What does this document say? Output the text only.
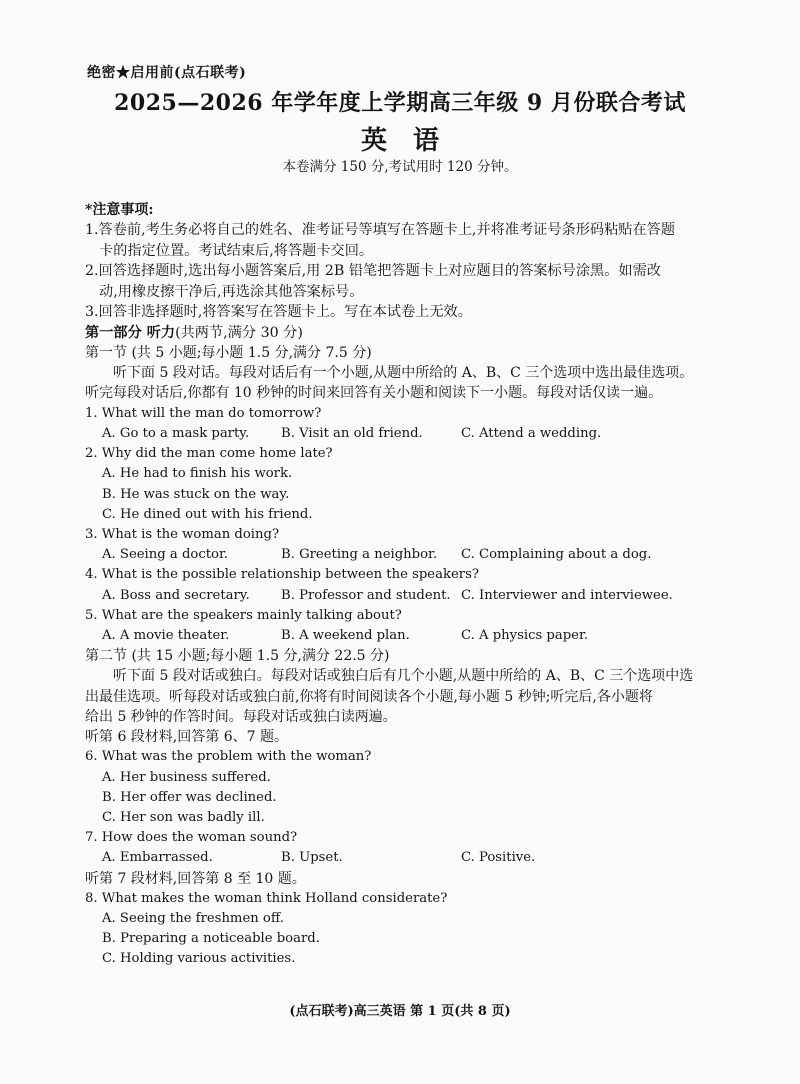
绝密★启用前(点石联考)
2025—2026 年学年度上学期高三年级 9 月份联合考试
英语
本卷满分 150 分,考试用时 120 分钟。
*注意事项:
1.答卷前,考生务必将自己的姓名、准考证号等填写在答题卡上,并将准考证号条形码粘贴在答题
卡的指定位置。考试结束后,将答题卡交回。
2.回答选择题时,选出每小题答案后,用 2B 铅笔把答题卡上对应题目的答案标号涂黑。如需改
动,用橡皮擦干净后,再选涂其他答案标号。
3.回答非选择题时,将答案写在答题卡上。写在本试卷上无效。
第一部分 听力(共两节,满分 30 分)
第一节 (共 5 小题;每小题 1.5 分,满分 7.5 分)
听下面 5 段对话。每段对话后有一个小题,从题中所给的 A、B、C 三个选项中选出最佳选项。
听完每段对话后,你都有 10 秒钟的时间来回答有关小题和阅读下一小题。每段对话仅读一遍。
1. What will the man do tomorrow?
A. Go to a mask party.	B. Visit an old friend.	C. Attend a wedding.
2. Why did the man come home late?
A. He had to finish his work.
B. He was stuck on the way.
C. He dined out with his friend.
3. What is the woman doing?
A. Seeing a doctor.	B. Greeting a neighbor.	C. Complaining about a dog.
4. What is the possible relationship between the speakers?
A. Boss and secretary.	B. Professor and student. C. Interviewer and interviewee.
5. What are the speakers mainly talking about?
A. A movie theater.	B. A weekend plan.	C. A physics paper.
第二节 (共 15 小题;每小题 1.5 分,满分 22.5 分)
听下面 5 段对话或独白。每段对话或独白后有几个小题,从题中所给的 A、B、C 三个选项中选
出最佳选项。听每段对话或独白前,你将有时间阅读各个小题,每小题 5 秒钟;听完后,各小题将
给出 5 秒钟的作答时间。每段对话或独白读两遍。
听第 6 段材料,回答第 6、7 题。
6. What was the problem with the woman?
A. Her business suffered.
B. Her offer was declined.
C. Her son was badly ill.
7. How does the woman sound?
A. Embarrassed.	B. Upset.	C. Positive.
听第 7 段材料,回答第 8 至 10 题。
8. What makes the woman think Holland considerate?
A. Seeing the freshmen off.
B. Preparing a noticeable board.
C. Holding various activities.
(点石联考)高三英语 第 1 页(共 8 页)
